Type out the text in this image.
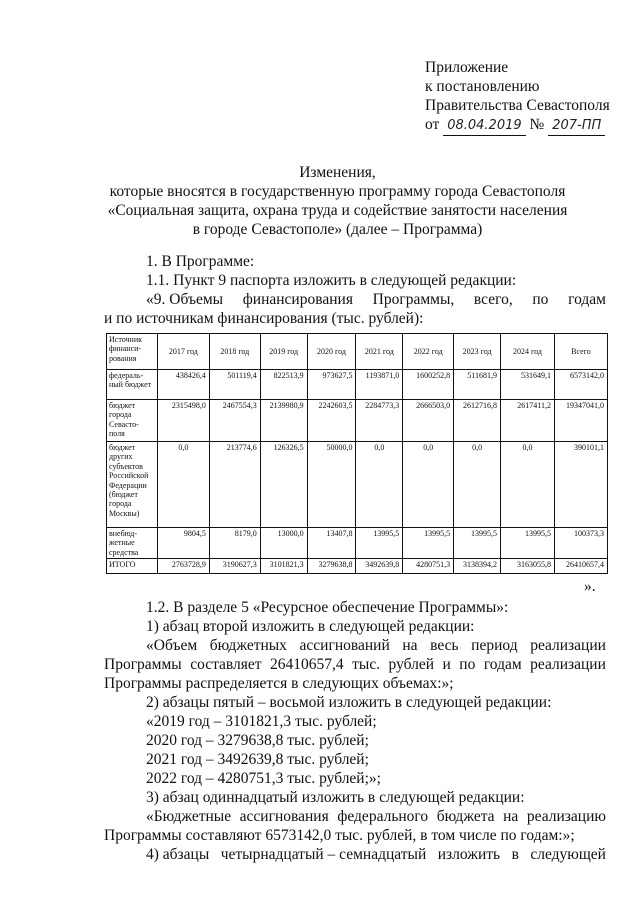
Приложение
к постановлению
Правительства Севастополя
от 08.04.2019 № 207-ПП
Изменения,
которые вносятся в государственную программу города Севастополя
«Социальная защита, охрана труда и содействие занятости населения
в городе Севастополе» (далее – Программа)
1. В Программе:
1.1. Пункт 9 паспорта изложить в следующей редакции:
«9. Объемы финансирования Программы, всего, по годам
и по источникам финансирования (тыс. рублей):
Источник финанси- рования	2017 год	2018 год	2019 год	2020 год	2021 год	2022 год	2023 год	2024 год	Всего
федераль- ный бюджет	438426,4	501119,4	822513,9	973627,5	1193871,0	1600252,8	511681,9	531649,1	6573142,0
бюджет города Севасто- поля	2315498,0	2467554,3	2139980,9	2242603,5	2284773,3	2666503,0	2612716,8	2617411,2	19347041,0
бюджет других субъектов Российской Федерации (бюджет города Москвы)	0,0	213774,6	126326,5	50000,0	0,0	0,0	0,0	0,0	390101,1
внебюд- жетные средства	9804,5	8179,0	13000,0	13407,8	13995,5	13995,5	13995,5	13995,5	100373,3
ИТОГО	2763728,9	3190627,3	3101821,3	3279638,8	3492639,8	4280751,3	3138394,2	3163055,8	26410657,4
».
1.2. В разделе 5 «Ресурсное обеспечение Программы»:
1) абзац второй изложить в следующей редакции:
«Объем бюджетных ассигнований на весь период реализации
Программы составляет 26410657,4 тыс. рублей и по годам реализации
Программы распределяется в следующих объемах:»;
2) абзацы пятый – восьмой изложить в следующей редакции:
«2019 год – 3101821,3 тыс. рублей;
2020 год – 3279638,8 тыс. рублей;
2021 год – 3492639,8 тыс. рублей;
2022 год – 4280751,3 тыс. рублей;»;
3) абзац одиннадцатый изложить в следующей редакции:
«Бюджетные ассигнования федерального бюджета на реализацию
Программы составляют 6573142,0 тыс. рублей, в том числе по годам:»;
4) абзацы четырнадцатый – семнадцатый изложить в следующей
